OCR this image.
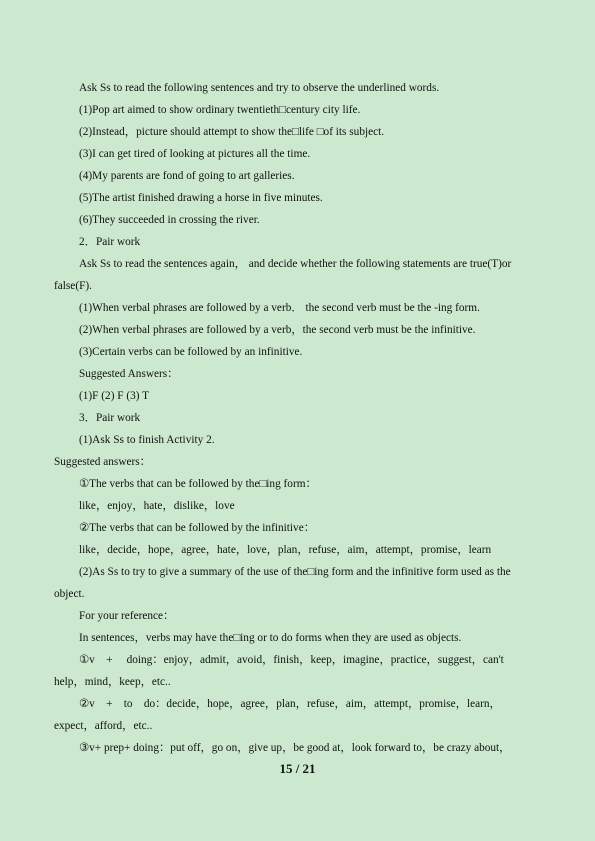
Ask Ss to read the following sentences and try to observe the underlined words.
(1)Pop art aimed to show ordinary twentieth□century city life.
(2)Instead，picture should attempt to show the□life □of its subject.
(3)I can get tired of looking at pictures all the time.
(4)My parents are fond of going to art galleries.
(5)The artist finished drawing a horse in five minutes.
(6)They succeeded in crossing the river.
2．Pair work
Ask Ss to read the sentences again， and decide whether the following statements are true(T)or
false(F).
(1)When verbal phrases are followed by a verb． the second verb must be the -ing form.
(2)When verbal phrases are followed by a verb，the second verb must be the infinitive.
(3)Certain verbs can be followed by an infinitive.
Suggested Answers：
(1)F (2) F (3) T
3．Pair work
(1)Ask Ss to finish Activity 2.
Suggested answers：
①The verbs that can be followed by the□ing form：
like，enjoy，hate，dislike，love
②The verbs that can be followed by the infinitive：
like，decide，hope，agree，hate，love，plan，refuse，aim，attempt，promise，learn
(2)As Ss to try to give a summary of the use of the□ing form and the infinitive form used as the
object.
For your reference：
In sentences，verbs may have the□ing or to do forms when they are used as objects.
①v    +     doing：enjoy，admit，avoid，finish，keep，imagine，practice，suggest，can't
help，mind，keep，etc..
②v    +    to    do：decide，hope，agree，plan，refuse，aim，attempt，promise，learn，
expect，afford，etc..
③v+ prep+ doing：put off，go on，give up，be good at，look forward to，be crazy about，
15 / 21
